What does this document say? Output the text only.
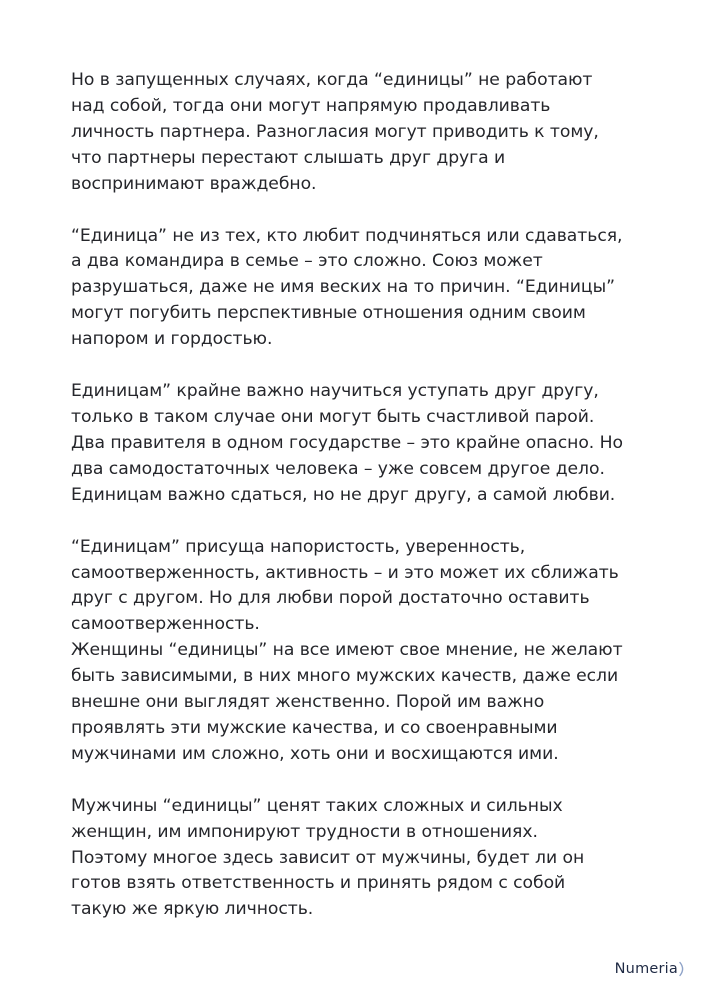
Но в запущенных случаях, когда “единицы” не работают
над собой, тогда они могут напрямую продавливать
личность партнера. Разногласия могут приводить к тому,
что партнеры перестают слышать друг друга и
воспринимают враждебно.

“Единица” не из тех, кто любит подчиняться или сдаваться,
а два командира в семье – это сложно. Союз может
разрушаться, даже не имя веских на то причин. “Единицы”
могут погубить перспективные отношения одним своим
напором и гордостью.

Единицам” крайне важно научиться уступать друг другу,
только в таком случае они могут быть счастливой парой.
Два правителя в одном государстве – это крайне опасно. Но
два самодостаточных человека – уже совсем другое дело.
Единицам важно сдаться, но не друг другу, а самой любви.

“Единицам” присуща напористость, уверенность,
самоотверженность, активность – и это может их сближать
друг с другом. Но для любви порой достаточно оставить
самоотверженность.
Женщины “единицы” на все имеют свое мнение, не желают
быть зависимыми, в них много мужских качеств, даже если
внешне они выглядят женственно. Порой им важно
проявлять эти мужские качества, и со своенравными
мужчинами им сложно, хоть они и восхищаются ими.

Мужчины “единицы” ценят таких сложных и сильных
женщин, им импонируют трудности в отношениях.
Поэтому многое здесь зависит от мужчины, будет ли он
готов взять ответственность и принять рядом с собой
такую же яркую личность.

Numeria
